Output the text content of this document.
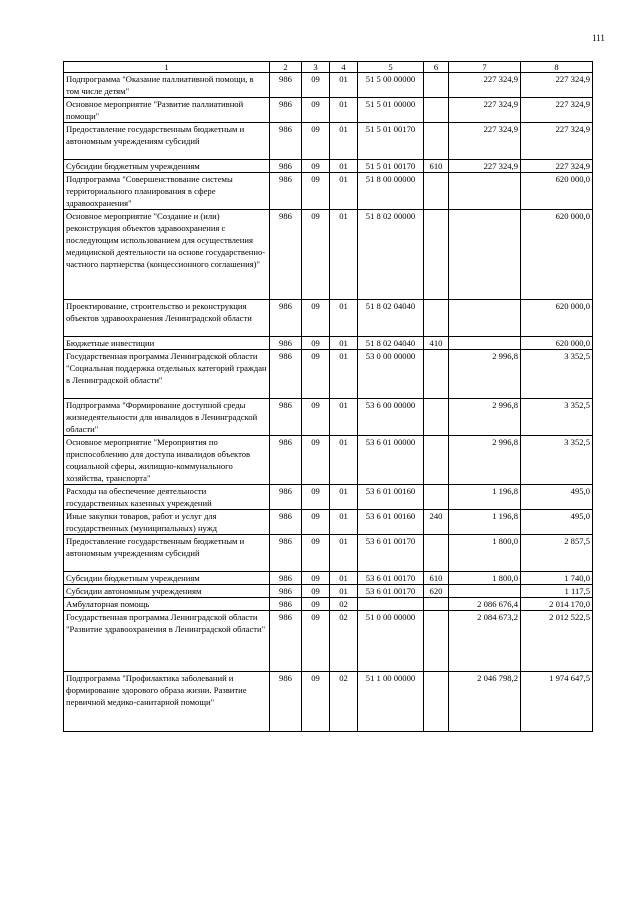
111
1	2	3	4	5	6	7	8
Подпрограмма "Оказание паллиативной помощи, в том числе детям"	986	09	01	51 5 00 00000		227 324,9	227 324,9
Основное мероприятие "Развитие паллиативной помощи"	986	09	01	51 5 01 00000		227 324,9	227 324,9
Предоставление государственным бюджетным и автономным учреждениям субсидий	986	09	01	51 5 01 00170		227 324,9	227 324,9
Субсидии бюджетным учреждениям	986	09	01	51 5 01 00170	610	227 324,9	227 324,9
Подпрограмма "Совершенствование системы территориального планирования в сфере здравоохранения"	986	09	01	51 8 00 00000			620 000,0
Основное мероприятие "Создание и (или) реконструкция объектов здравоохранения с последующим использованием для осуществления медицинской деятельности на основе государственно-частного партнерства (концессионного соглашения)"	986	09	01	51 8 02 00000			620 000,0
Проектирование, строительство и реконструкция объектов здравоохранения Ленинградской области	986	09	01	51 8 02 04040			620 000,0
Бюджетные инвестиции	986	09	01	51 8 02 04040	410		620 000,0
Государственная программа Ленинградской области "Социальная поддержка отдельных категорий граждан в Ленинградской области"	986	09	01	53 0 00 00000		2 996,8	3 352,5
Подпрограмма "Формирование доступной среды жизнедеятельности для инвалидов в Ленинградской области"	986	09	01	53 6 00 00000		2 996,8	3 352,5
Основное мероприятие "Мероприятия по приспособлению для доступа инвалидов объектов социальной сферы, жилищно-коммунального хозяйства, транспорта"	986	09	01	53 6 01 00000		2 996,8	3 352,5
Расходы на обеспечение деятельности государственных казенных учреждений	986	09	01	53 6 01 00160		1 196,8	495,0
Иные закупки товаров, работ и услуг для государственных (муниципальных) нужд	986	09	01	53 6 01 00160	240	1 196,8	495,0
Предоставление государственным бюджетным и автономным учреждениям субсидий	986	09	01	53 6 01 00170		1 800,0	2 857,5
Субсидии бюджетным учреждениям	986	09	01	53 6 01 00170	610	1 800,0	1 740,0
Субсидии автономным учреждениям	986	09	01	53 6 01 00170	620		1 117,5
Амбулаторная помощь	986	09	02			2 086 676,4	2 014 170,0
Государственная программа Ленинградской области "Развитие здравоохранения в Ленинградской области"	986	09	02	51 0 00 00000		2 084 673,2	2 012 522,5
Подпрограмма "Профилактика заболеваний и формирование здорового образа жизни. Развитие первичной медико-санитарной помощи"	986	09	02	51 1 00 00000		2 046 798,2	1 974 647,5
